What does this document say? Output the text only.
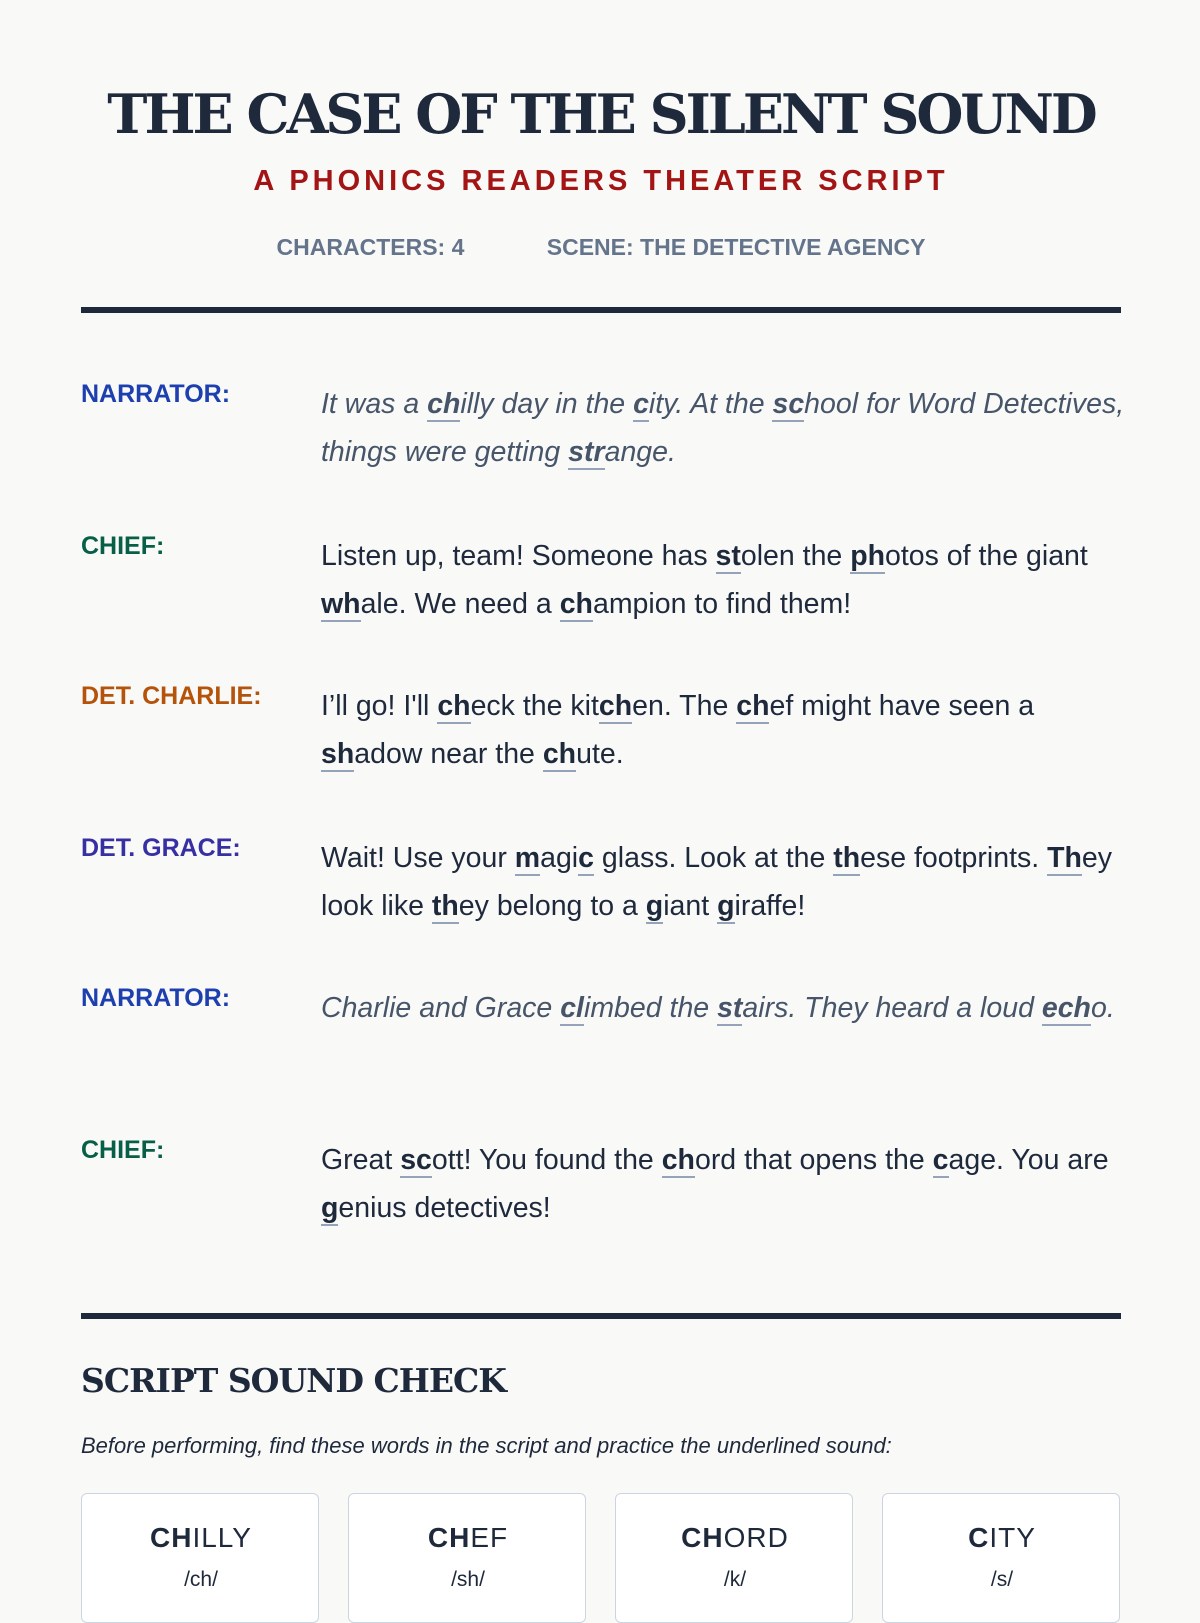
THE CASE OF THE SILENT SOUND
A PHONICS READERS THEATER SCRIPT
CHARACTERS: 4	SCENE: THE DETECTIVE AGENCY
NARRATOR:	It was a chilly day in the city. At the school for Word Detectives, things were getting strange.
CHIEF:	Listen up, team! Someone has stolen the photos of the giant whale. We need a champion to find them!
DET. CHARLIE:	I’ll go! I'll check the kitchen. The chef might have seen a shadow near the chute.
DET. GRACE:	Wait! Use your magic glass. Look at the these footprints. They look like they belong to a giant giraffe!
NARRATOR:	Charlie and Grace climbed the stairs. They heard a loud echo.
CHIEF:	Great scott! You found the chord that opens the cage. You are genius detectives!
SCRIPT SOUND CHECK
Before performing, find these words in the script and practice the underlined sound:
CHILLY
/ch/
CHEF
/sh/
CHORD
/k/
CITY
/s/
